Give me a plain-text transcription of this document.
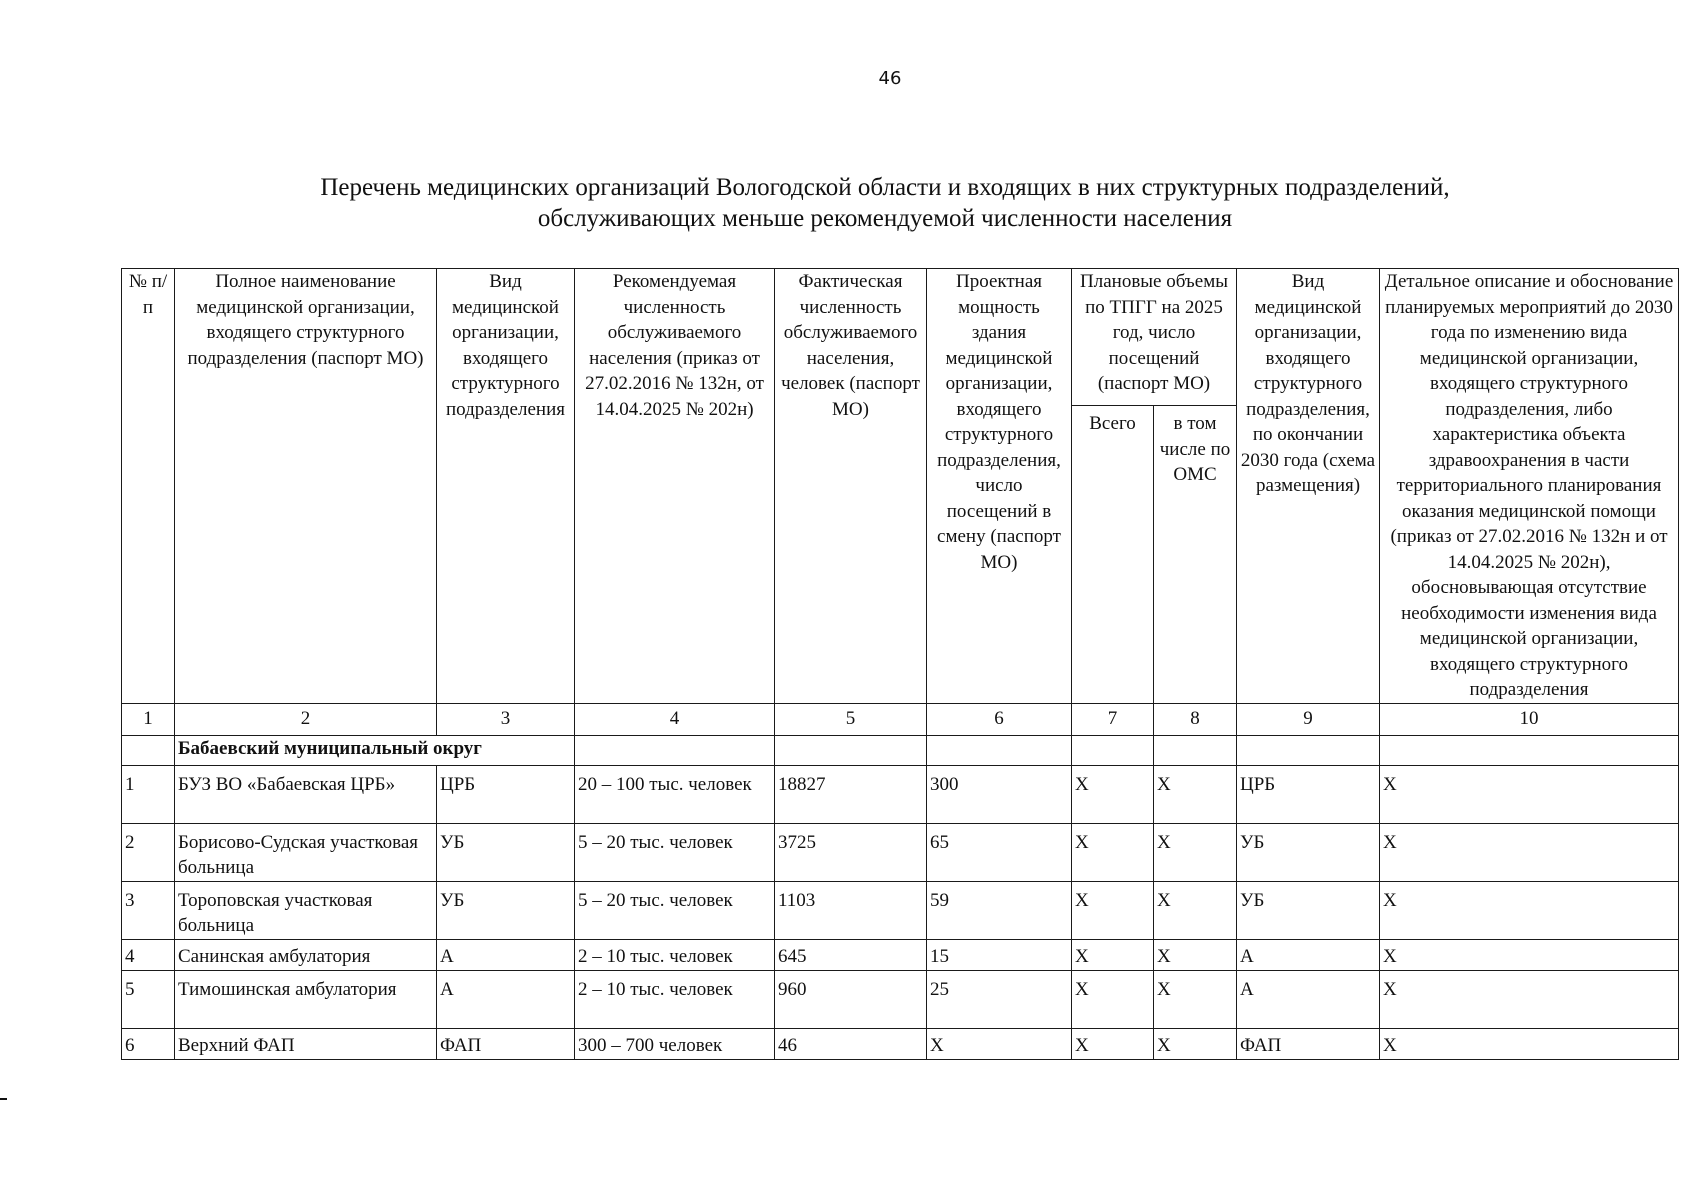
46
Перечень медицинских организаций Вологодской области и входящих в них структурных подразделений,
обслуживающих меньше рекомендуемой численности населения
№ п/п	Полное наименование медицинской организации, входящего структурного подразделения (паспорт МО)	Вид медицинской организации, входящего структурного подразделения	Рекомендуемая численность обслуживаемого населения (приказ от 27.02.2016 № 132н, от 14.04.2025 № 202н)	Фактическая численность обслуживаемого населения, человек (паспорт МО)	Проектная мощность здания медицинской организации, входящего структурного подразделения, число посещений в смену (паспорт МО)	Плановые объемы по ТПГГ на 2025 год, число посещений (паспорт МО)		Вид медицинской организации, входящего структурного подразделения, по окончании 2030 года (схема размещения)	Детальное описание и обоснование планируемых мероприятий до 2030 года по изменению вида медицинской организации, входящего структурного подразделения, либо характеристика объекта здравоохранения в части территориального планирования оказания медицинской помощи (приказ от 27.02.2016 № 132н и от 14.04.2025 № 202н), обосновывающая отсутствие необходимости изменения вида медицинской организации, входящего структурного подразделения
						Всего	в том числе по ОМС		
1	2	3	4	5	6	7	8	9	10
	Бабаевский муниципальный округ								
1	БУЗ ВО «Бабаевская ЦРБ»	ЦРБ	20 – 100 тыс. человек	18827	300	Х	Х	ЦРБ	Х
2	Борисово-Судская участковая больница	УБ	5 – 20 тыс. человек	3725	65	Х	Х	УБ	Х
3	Тороповская участковая больница	УБ	5 – 20 тыс. человек	1103	59	Х	Х	УБ	Х
4	Санинская амбулатория	А	2 – 10 тыс. человек	645	15	Х	Х	А	Х
5	Тимошинская амбулатория	А	2 – 10 тыс. человек	960	25	Х	Х	А	Х
6	Верхний ФАП	ФАП	300 – 700 человек	46	Х	Х	Х	ФАП	Х
